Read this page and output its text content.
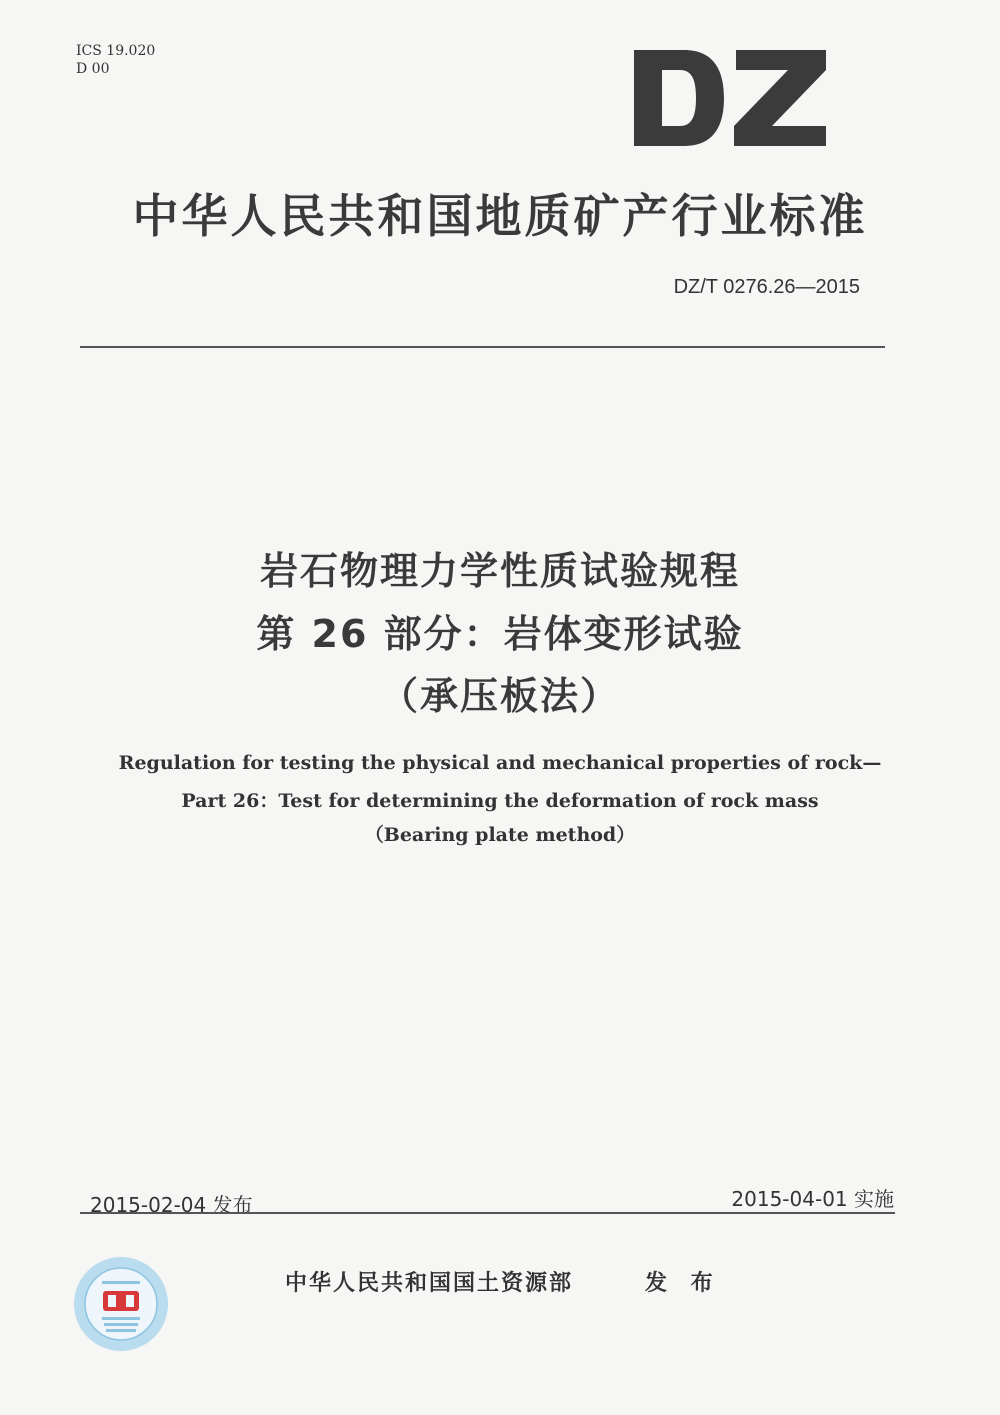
ICS 19.020
D 00
中华人民共和国地质矿产行业标准
DZ/T 0276.26—2015
岩石物理力学性质试验规程
第 26 部分：岩体变形试验
（承压板法）
Regulation for testing the physical and mechanical properties of rock—
Part 26：Test for determining the deformation of rock mass
（Bearing plate method）
2015-02-04 发布	2015-04-01 实施
中华人民共和国国土资源部	发 布
